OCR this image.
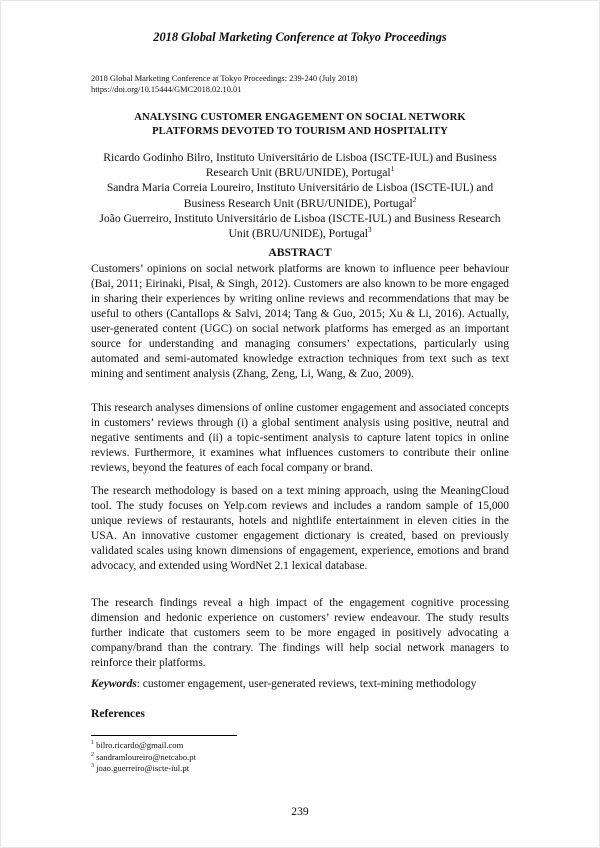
2018 Global Marketing Conference at Tokyo Proceedings
2018 Global Marketing Conference at Tokyo Proceedings: 239-240 (July 2018)
https://doi.org/10.15444/GMC2018.02.10.01
ANALYSING CUSTOMER ENGAGEMENT ON SOCIAL NETWORK
PLATFORMS DEVOTED TO TOURISM AND HOSPITALITY
Ricardo Godinho Bilro, Instituto Universitário de Lisboa (ISCTE-IUL) and Business Research Unit (BRU/UNIDE), Portugal$^1$
Sandra Maria Correia Loureiro, Instituto Universitário de Lisboa (ISCTE-IUL) and Business Research Unit (BRU/UNIDE), Portugal$^2$
João Guerreiro, Instituto Universitário de Lisboa (ISCTE-IUL) and Business Research Unit (BRU/UNIDE), Portugal$^3$
ABSTRACT

Customers’ opinions on social network platforms are known to influence peer behaviour (Bai, 2011; Eirinaki, Pisal, & Singh, 2012). Customers are also known to be more engaged in sharing their experiences by writing online reviews and recommendations that may be useful to others (Cantallops & Salvi, 2014; Tang & Guo, 2015; Xu & Li, 2016). Actually, user-generated content (UGC) on social network platforms has emerged as an important source for understanding and managing consumers’ expectations, particularly using automated and semi-automated knowledge extraction techniques from text such as text mining and sentiment analysis (Zhang, Zeng, Li, Wang, & Zuo, 2009).

This research analyses dimensions of online customer engagement and associated concepts in customers’ reviews through (i) a global sentiment analysis using positive, neutral and negative sentiments and (ii) a topic-sentiment analysis to capture latent topics in online reviews. Furthermore, it examines what influences customers to contribute their online reviews, beyond the features of each focal company or brand.

The research methodology is based on a text mining approach, using the MeaningCloud tool. The study focuses on Yelp.com reviews and includes a random sample of 15,000 unique reviews of restaurants, hotels and nightlife entertainment in eleven cities in the USA. An innovative customer engagement dictionary is created, based on previously validated scales using known dimensions of engagement, experience, emotions and brand advocacy, and extended using WordNet 2.1 lexical database.

The research findings reveal a high impact of the engagement cognitive processing dimension and hedonic experience on customers’ review endeavour. The study results further indicate that customers seem to be more engaged in positively advocating a company/brand than the contrary. The findings will help social network managers to reinforce their platforms.

Keywords: customer engagement, user-generated reviews, text-mining methodology
References
$^1$ bilro.ricardo@gmail.com
$^2$ sandramloureiro@netcabo.pt
$^3$ joao.guerreiro@iscte-iul.pt
239
